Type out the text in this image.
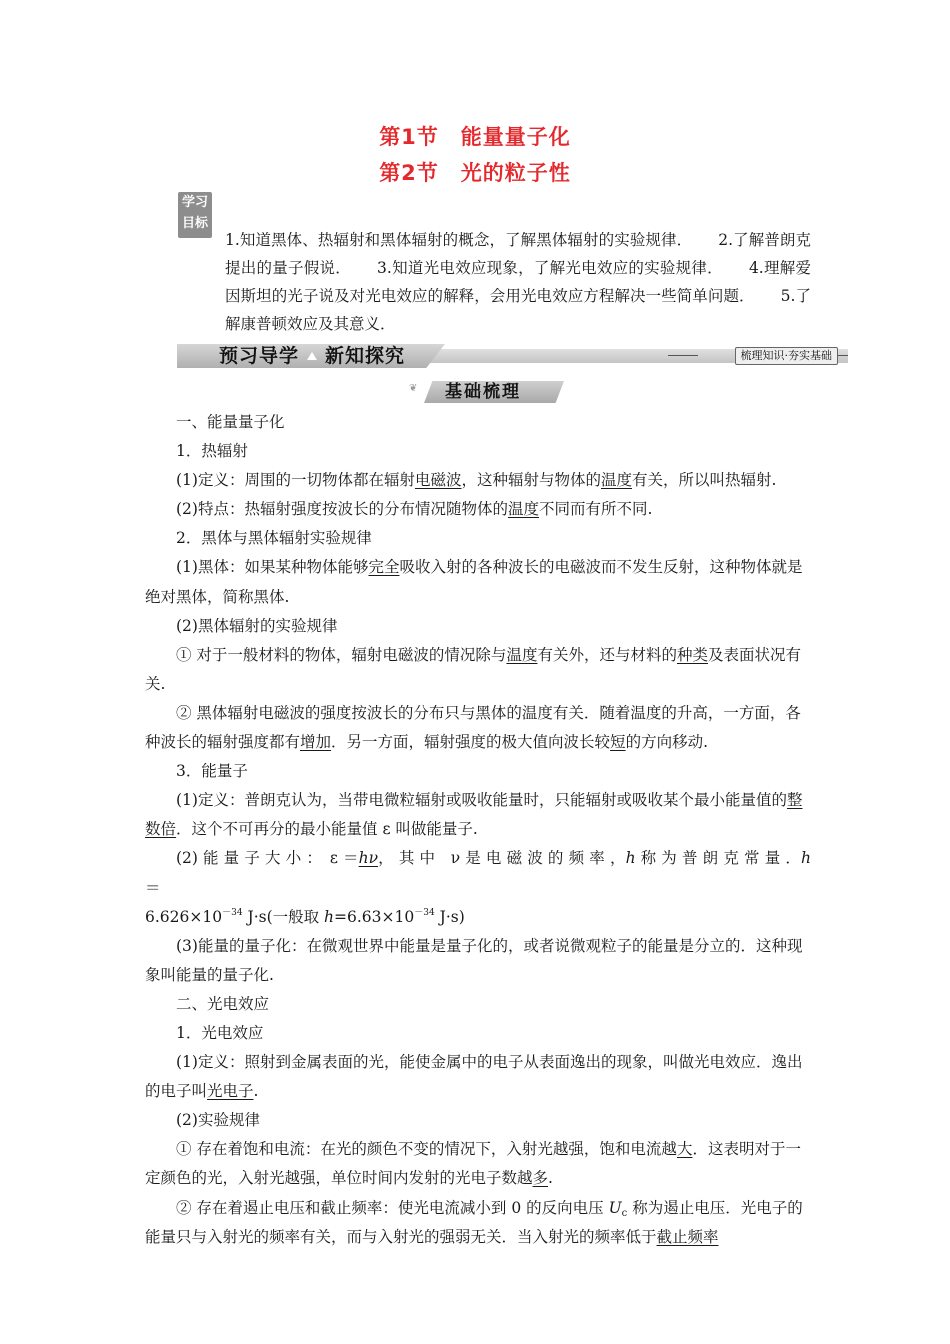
第1节　能量量子化
第2节　光的粒子性
学习
目标
1.知道黑体、热辐射和黑体辐射的概念，了解黑体辐射的实验规律． 2.了解普朗克提出的量子假说． 3.知道光电效应现象，了解光电效应的实验规律． 4.理解爱因斯坦的光子说及对光电效应的解释，会用光电效应方程解决一些简单问题． 5.了解康普顿效应及其意义．
预习导学 新知探究	梳理知识·夯实基础
❦ 基础梳理

一、能量量子化

1．热辐射

(1)定义：周围的一切物体都在辐射电磁波，这种辐射与物体的温度有关，所以叫热辐射.

(2)特点：热辐射强度按波长的分布情况随物体的温度不同而有所不同.

2．黑体与黑体辐射实验规律

(1)黑体：如果某种物体能够完全吸收入射的各种波长的电磁波而不发生反射，这种物体就是绝对黑体，简称黑体.

(2)黑体辐射的实验规律

① 对于一般材料的物体，辐射电磁波的情况除与温度有关外，还与材料的种类及表面状况有关.

② 黑体辐射电磁波的强度按波长的分布只与黑体的温度有关．随着温度的升高，一方面，各种波长的辐射强度都有增加．另一方面，辐射强度的极大值向波长较短的方向移动.

3．能量子

(1)定义：普朗克认为，当带电微粒辐射或吸收能量时，只能辐射或吸收某个最小能量值的整数倍．这个不可再分的最小能量值 ε 叫做能量子.

(2) 能 量 子 大 小 ：　ε ＝hν， 其 中　ν 是 电 磁 波 的 频 率 ，h 称 为 普 朗 克 常 量 ．h＝

$6.626\times 10^{-34}$ J·s(一般取 $h=6.63\times 10^{-34}$ J·s)

(3)能量的量子化：在微观世界中能量是量子化的，或者说微观粒子的能量是分立的．这种现象叫能量的量子化.

二、光电效应

1．光电效应

(1)定义：照射到金属表面的光，能使金属中的电子从表面逸出的现象，叫做光电效应．逸出的电子叫光电子.

(2)实验规律

① 存在着饱和电流：在光的颜色不变的情况下，入射光越强，饱和电流越大．这表明对于一定颜色的光，入射光越强，单位时间内发射的光电子数越多.

② 存在着遏止电压和截止频率：使光电流减小到 0 的反向电压 $U_c$ 称为遏止电压．光电子的能量只与入射光的频率有关，而与入射光的强弱无关．当入射光的频率低于截止频率
